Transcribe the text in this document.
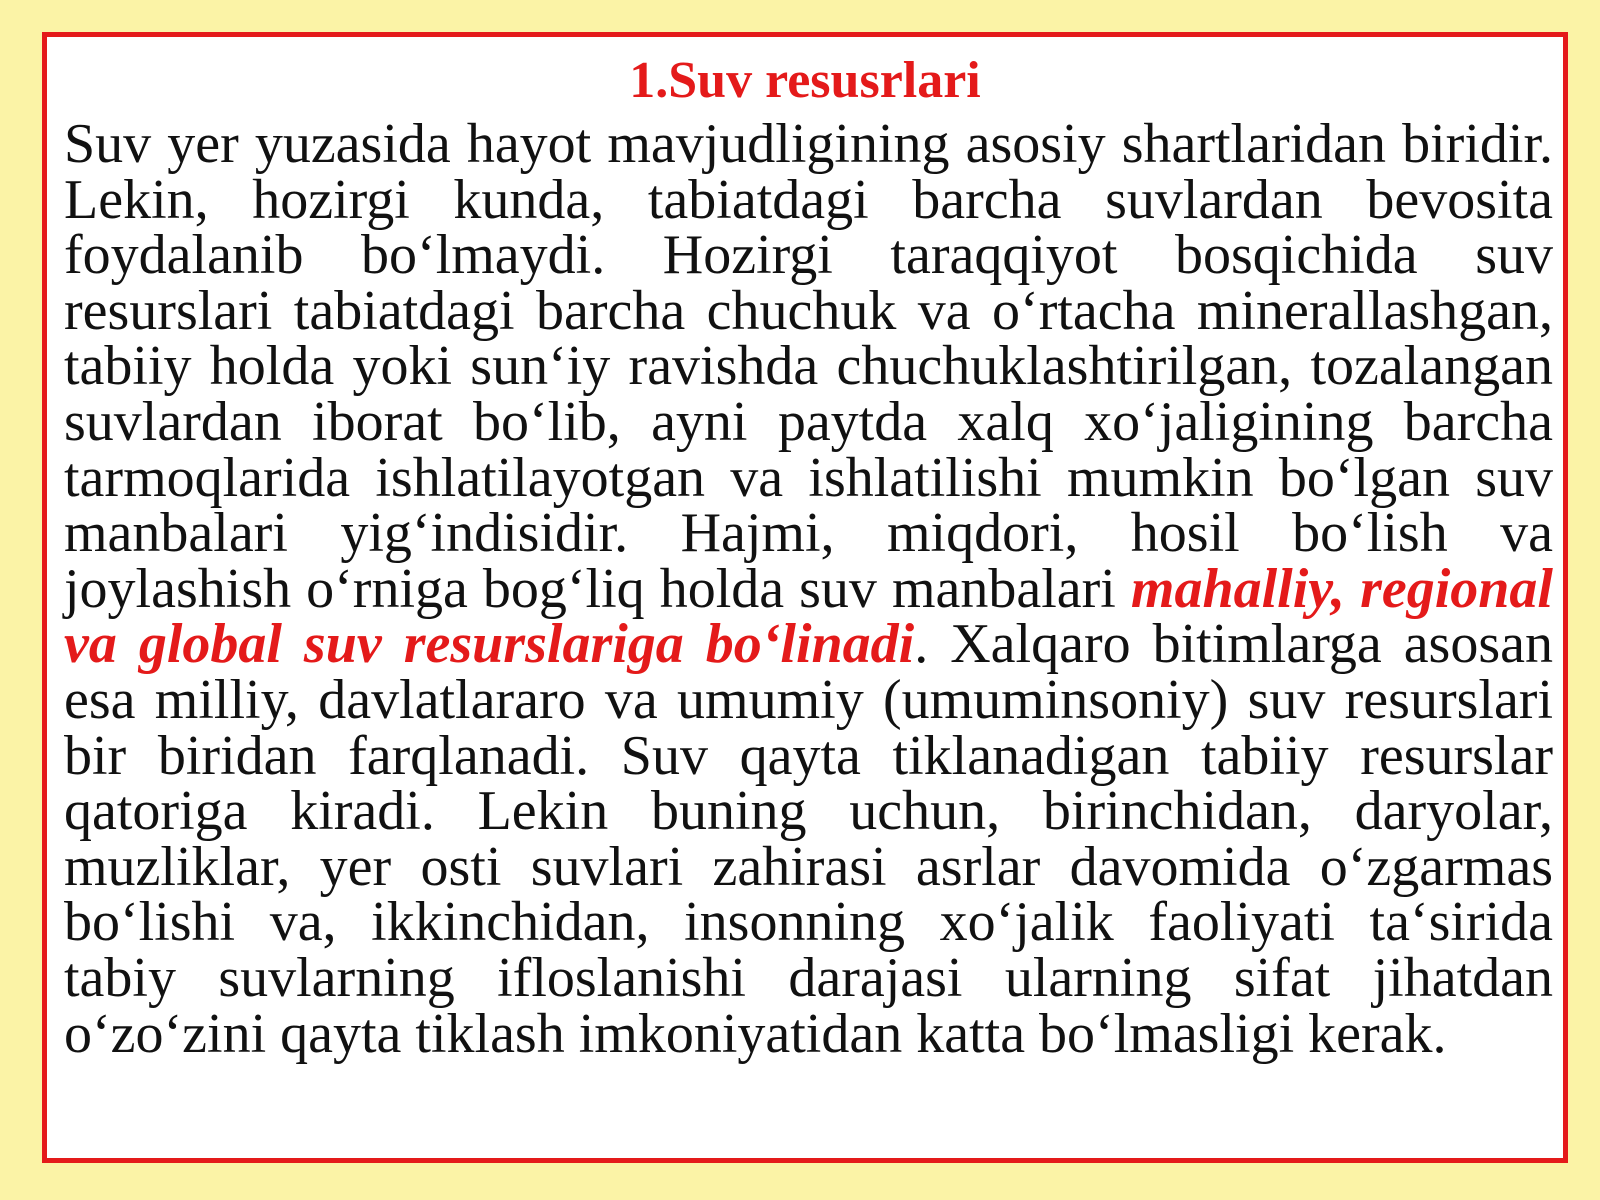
1.Suv resusrlari

Suv yer yuzasida hayot mavjudligining asosiy shartlaridan biridir. Lekin, hozirgi kunda, tabiatdagi barcha suvlardan bevosita foydalanib bo‘lmaydi. Hozirgi taraqqiyot bosqichida suv resurslari tabiatdagi barcha chuchuk va o‘rtacha minerallashgan, tabiiy holda yoki sun‘iy ravishda chuchuklashtirilgan, tozalangan suvlardan iborat bo‘lib, ayni paytda xalq xo‘jaligining barcha tarmoqlarida ishlatilayotgan va ishlatilishi mumkin bo‘lgan suv manbalari yig‘indisidir. Hajmi, miqdori, hosil bo‘lish va joylashish o‘rniga bog‘liq holda suv manbalari mahalliy, regional va global suv resurslariga bo‘linadi. Xalqaro bitimlarga asosan esa milliy, davlatlararo va umumiy (umuminsoniy) suv resurslari bir biridan farqlanadi. Suv qayta tiklanadigan tabiiy resurslar qatoriga kiradi. Lekin buning uchun, birinchidan, daryolar, muzliklar, yer osti suvlari zahirasi asrlar davomida o‘zgarmas bo‘lishi va, ikkinchidan, insonning xo‘jalik faoliyati ta‘sirida tabiy suvlarning ifloslanishi darajasi ularning sifat jihatdan o‘zo‘zini qayta tiklash imkoniyatidan katta bo‘lmasligi kerak.
